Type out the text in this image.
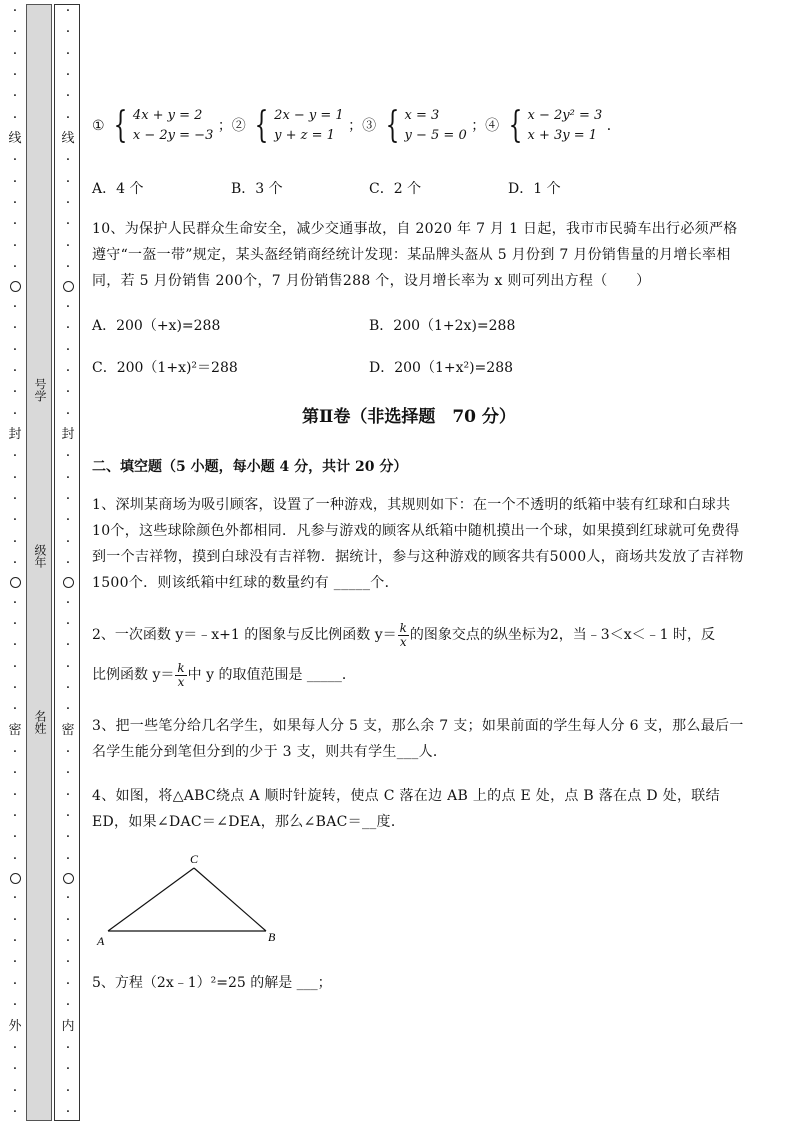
·
·
·
·
·
·
线
·
·
·
·
·
·
·
·
·
·
·
·
封
·
·
·
·
·
·
·
·
·
·
·
·
密
·
·
·
·
·
·
·
·
·
·
·
·
外
·
·
·
·
号学
级年
名姓
·
·
·
·
·
·
线
·
·
·
·
·
·
·
·
·
·
·
·
封
·
·
·
·
·
·
·
·
·
·
·
·
密
·
·
·
·
·
·
·
·
·
·
·
·
内
·
·
·
·
① { 4x + y = 2
x − 2y = −3
；② { 2x − y = 1
y + z = 1
；③ { x = 3
y − 5 = 0
；④ { x − 2y² = 3
x + 3y = 1
．
A．4 个	B．3 个	C．2 个	D．1 个
10、为保护人民群众生命安全，减少交通事故，自 2020 年 7 月 1 日起，我市市民骑车出行必须严格遵守“一盔一带”规定，某头盔经销商经统计发现：某品牌头盔从 5 月份到 7 月份销售量的月增长率相同，若 5 月份销售 200个，7 月份销售288 个，设月增长率为 x 则可列出方程（　　）
A．200（+x)=288	B．200（1+2x)=288
C．200（1+x)²＝288	D．200（1+x²)=288
第Ⅱ卷（非选择题　70 分）
二、填空题（5 小题，每小题 4 分，共计 20 分）
1、深圳某商场为吸引顾客，设置了一种游戏，其规则如下：在一个不透明的纸箱中装有红球和白球共 10个，这些球除颜色外都相同．凡参与游戏的顾客从纸箱中随机摸出一个球，如果摸到红球就可免费得到一个吉祥物，摸到白球没有吉祥物．据统计，参与这种游戏的顾客共有5000人，商场共发放了吉祥物1500个．则该纸箱中红球的数量约有 _____个．
2、一次函数 y＝﹣x+1 的图象与反比例函数 $y= \frac{k}{x}$ 的图象交点的纵坐标为2，当﹣3＜x＜﹣1 时，反
比例函数 $y= \frac{k}{x}$ 中 y 的取值范围是 _____．
3、把一些笔分给几名学生，如果每人分 5 支，那么余 7 支；如果前面的学生每人分 6 支，那么最后一名学生能分到笔但分到的少于 3 支，则共有学生___人．
4、如图，将△ABC绕点 A 顺时针旋转，使点 C 落在边 AB 上的点 E 处，点 B 落在点 D 处，联结 ED，如果∠DAC＝∠DEA，那么∠BAC＝__度．
A	B
C
5、方程（2x﹣1）²=25 的解是 ___；
